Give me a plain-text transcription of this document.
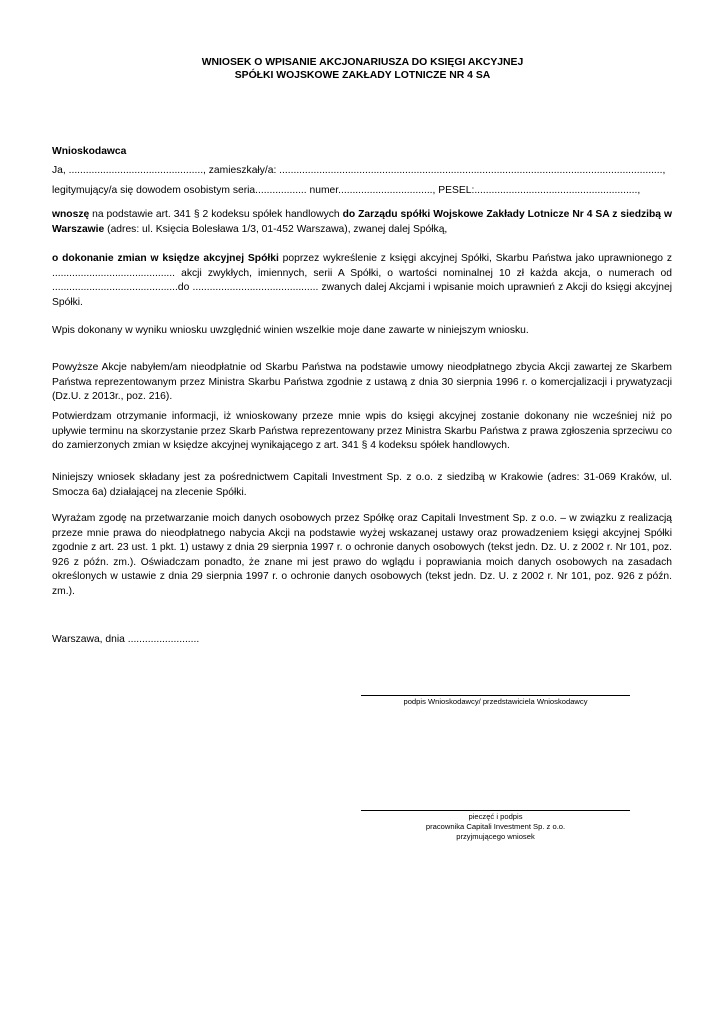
WNIOSEK O WPISANIE AKCJONARIUSZA DO KSIĘGI AKCYJNEJ
SPÓŁKI WOJSKOWE ZAKŁADY LOTNICZE NR 4 SA
Wnioskodawca
Ja, ..............................................., zamieszkały/a: ......................................................................................................................................,
legitymujący/a się dowodem osobistym seria.................. numer................................., PESEL:.........................................................,
wnoszę na podstawie art. 341 § 2 kodeksu spółek handlowych do Zarządu spółki Wojskowe Zakłady Lotnicze Nr 4 SA z siedzibą w Warszawie (adres: ul. Księcia Bolesława 1/3, 01-452 Warszawa), zwanej dalej Spółką,
o dokonanie zmian w księdze akcyjnej Spółki poprzez wykreślenie z księgi akcyjnej Spółki, Skarbu Państwa jako uprawnionego z ........................................... akcji zwykłych, imiennych, serii A Spółki, o wartości nominalnej 10 zł każda akcja, o numerach od ............................................do ............................................ zwanych dalej Akcjami i wpisanie moich uprawnień z Akcji do księgi akcyjnej Spółki.
Wpis dokonany w wyniku wniosku uwzględnić winien wszelkie moje dane zawarte w niniejszym wniosku.
Powyższe Akcje nabyłem/am nieodpłatnie od Skarbu Państwa na podstawie umowy nieodpłatnego zbycia Akcji zawartej ze Skarbem Państwa reprezentowanym przez Ministra Skarbu Państwa zgodnie z ustawą z dnia 30 sierpnia 1996 r. o komercjalizacji i prywatyzacji (Dz.U. z 2013r., poz. 216).
Potwierdzam otrzymanie informacji, iż wnioskowany przeze mnie wpis do księgi akcyjnej zostanie dokonany nie wcześniej niż po upływie terminu na skorzystanie przez Skarb Państwa reprezentowany przez Ministra Skarbu Państwa z prawa zgłoszenia sprzeciwu co do zamierzonych zmian w księdze akcyjnej wynikającego z art. 341 § 4 kodeksu spółek handlowych.
Niniejszy wniosek składany jest za pośrednictwem Capitali Investment Sp. z o.o. z siedzibą w Krakowie (adres: 31-069 Kraków, ul. Smocza 6a) działającej na zlecenie Spółki.
Wyrażam zgodę na przetwarzanie moich danych osobowych przez Spółkę oraz Capitali Investment Sp. z o.o. – w związku z realizacją przeze mnie prawa do nieodpłatnego nabycia Akcji na podstawie wyżej wskazanej ustawy oraz prowadzeniem księgi akcyjnej Spółki zgodnie z art. 23 ust. 1 pkt. 1) ustawy z dnia 29 sierpnia 1997 r. o ochronie danych osobowych (tekst jedn. Dz. U. z 2002 r. Nr 101, poz. 926 z późn. zm.). Oświadczam ponadto, że znane mi jest prawo do wglądu i poprawiania moich danych osobowych na zasadach określonych w ustawie z dnia 29 sierpnia 1997 r. o ochronie danych osobowych (tekst jedn. Dz. U. z 2002 r. Nr 101, poz. 926 z późn. zm.).
Warszawa, dnia .........................
podpis Wnioskodawcy/ przedstawiciela Wnioskodawcy
pieczęć i podpis
pracownika Capitali Investment Sp. z o.o.
przyjmującego wniosek
